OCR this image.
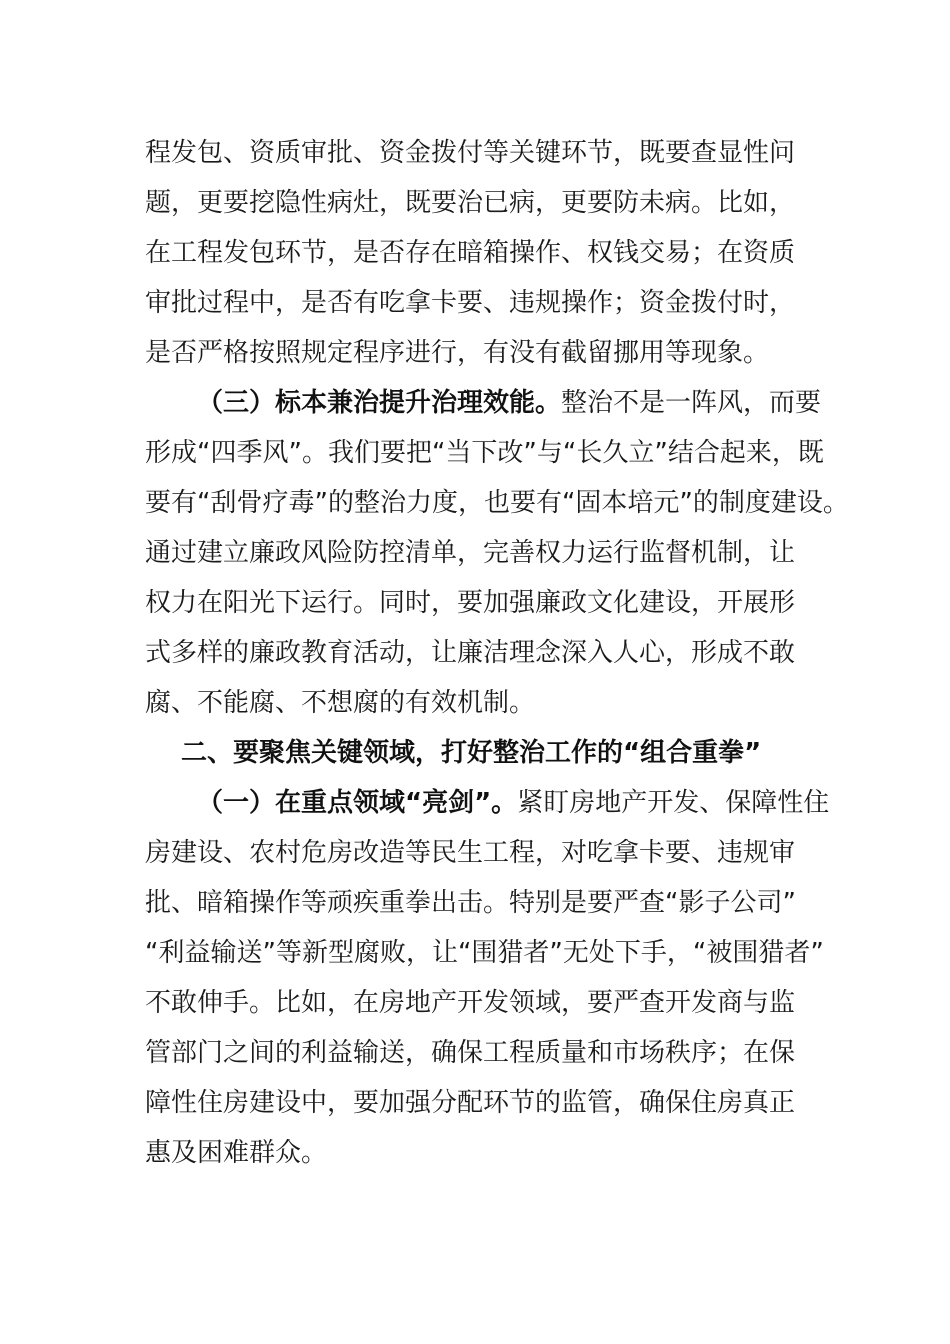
程发包、资质审批、资金拨付等关键环节，既要查显性问
题，更要挖隐性病灶，既要治已病，更要防未病。比如，
在工程发包环节，是否存在暗箱操作、权钱交易；在资质
审批过程中，是否有吃拿卡要、违规操作；资金拨付时，
是否严格按照规定程序进行，有没有截留挪用等现象。
（三）标本兼治提升治理效能。整治不是一阵风，而要
形成“四季风”。我们要把“当下改”与“长久立”结合起来，既
要有“刮骨疗毒”的整治力度，也要有“固本培元”的制度建设。
通过建立廉政风险防控清单，完善权力运行监督机制，让
权力在阳光下运行。同时，要加强廉政文化建设，开展形
式多样的廉政教育活动，让廉洁理念深入人心，形成不敢
腐、不能腐、不想腐的有效机制。
二、要聚焦关键领域，打好整治工作的“组合重拳”
（一）在重点领域“亮剑”。紧盯房地产开发、保障性住
房建设、农村危房改造等民生工程，对吃拿卡要、违规审
批、暗箱操作等顽疾重拳出击。特别是要严查“影子公司”
“利益输送”等新型腐败，让“围猎者”无处下手，“被围猎者”
不敢伸手。比如，在房地产开发领域，要严查开发商与监
管部门之间的利益输送，确保工程质量和市场秩序；在保
障性住房建设中，要加强分配环节的监管，确保住房真正
惠及困难群众。
